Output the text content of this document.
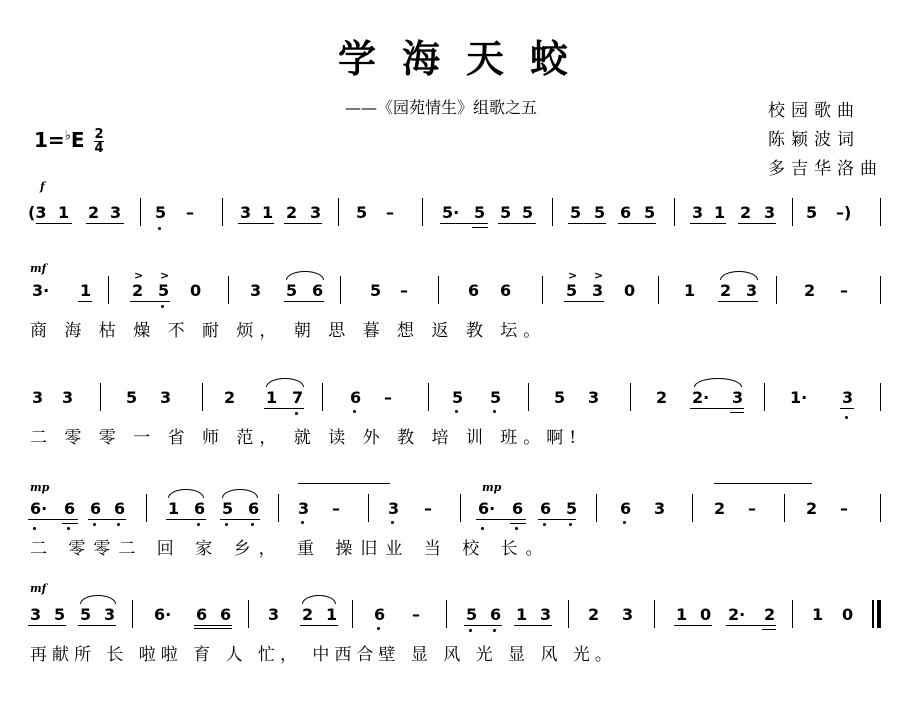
学海天蛟
——《园苑情生》组歌之五	校园歌曲
陈颖波词
多吉华洛曲
$1=^♭E \frac{2}{4}$
f
mf
mp	mp
mf
(3 1 2 3 5 –	3 1 2 3 5 –	5· 5 5 5 5 5 6 5 3 1 2 3 5 –)
3· 1
> >
2 5 0	3 5 6	5 –	6 6
> >
5 3 0	1 2 3	2 –
商 海 枯 燥 不 耐 烦， 朝 思 暮 想 返 教 坛。
3 3	5 3	2 1 7	6 –	5 5	5 3	2 2· 3	1· 3
二 零 零 一 省 师 范， 就 读 外 教 培 训 班。啊!
6· 6 6 6	1 6 5 6 3 –	3 –	6· 6 6 5	6 3	2 –	2 –
二 零零二 回 家 乡， 重 操旧业 当 校 长。
3 5 5 3 6· 6 6 3 2 1 6 –	5 6 1 3 2 3	1 0 2· 2 1 0
再献所 长 啦啦 育 人 忙， 中西合壁 显 风 光 显 风 光。
